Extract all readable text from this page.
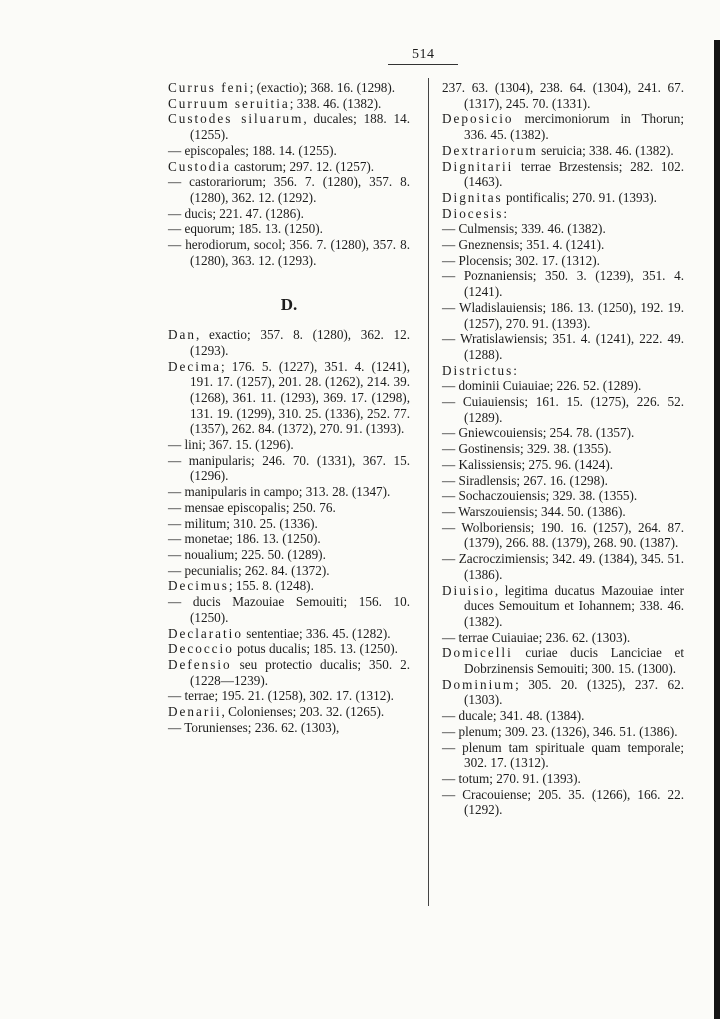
514

Currus feni; (exactio); 368. 16. (1298).

Curruum seruitia; 338. 46. (1382).

Custodes siluarum, ducales; 188. 14. (1255).

— episcopales; 188. 14. (1255).

Custodia castorum; 297. 12. (1257).

— castorariorum; 356. 7. (1280), 357. 8. (1280), 362. 12. (1292).

— ducis; 221. 47. (1286).

— equorum; 185. 13. (1250).

— herodiorum, socol; 356. 7. (1280), 357. 8. (1280), 363. 12. (1293).

D.

Dan, exactio; 357. 8. (1280), 362. 12. (1293).

Decima; 176. 5. (1227), 351. 4. (1241), 191. 17. (1257), 201. 28. (1262), 214. 39. (1268), 361. 11. (1293), 369. 17. (1298), 131. 19. (1299), 310. 25. (1336), 252. 77. (1357), 262. 84. (1372), 270. 91. (1393).

— lini; 367. 15. (1296).

— manipularis; 246. 70. (1331), 367. 15. (1296).

— manipularis in campo; 313. 28. (1347).

— mensae episcopalis; 250. 76.

— militum; 310. 25. (1336).

— monetae; 186. 13. (1250).

— noualium; 225. 50. (1289).

— pecunialis; 262. 84. (1372).

Decimus; 155. 8. (1248).

— ducis Mazouiae Semouiti; 156. 10. (1250).

Declaratio sententiae; 336. 45. (1282).

Decoccio potus ducalis; 185. 13. (1250).

Defensio seu protectio ducalis; 350. 2. (1228—1239).

— terrae; 195. 21. (1258), 302. 17. (1312).

Denarii, Colonienses; 203. 32. (1265).

— Torunienses; 236. 62. (1303),

237. 63. (1304), 238. 64. (1304), 241. 67. (1317), 245. 70. (1331).

Deposicio mercimoniorum in Thorun; 336. 45. (1382).

Dextrariorum seruicia; 338. 46. (1382).

Dignitarii terrae Brzestensis; 282. 102. (1463).

Dignitas pontificalis; 270. 91. (1393).

Diocesis:

— Culmensis; 339. 46. (1382).

— Gneznensis; 351. 4. (1241).

— Plocensis; 302. 17. (1312).

— Poznaniensis; 350. 3. (1239), 351. 4. (1241).

— Wladislauiensis; 186. 13. (1250), 192. 19. (1257), 270. 91. (1393).

— Wratislawiensis; 351. 4. (1241), 222. 49. (1288).

Districtus:

— dominii Cuiauiae; 226. 52. (1289).

— Cuiauiensis; 161. 15. (1275), 226. 52. (1289).

— Gniewcouiensis; 254. 78. (1357).

— Gostinensis; 329. 38. (1355).

— Kalissiensis; 275. 96. (1424).

— Siradlensis; 267. 16. (1298).

— Sochaczouiensis; 329. 38. (1355).

— Warszouiensis; 344. 50. (1386).

— Wolboriensis; 190. 16. (1257), 264. 87. (1379), 266. 88. (1379), 268. 90. (1387).

— Zacroczimiensis; 342. 49. (1384), 345. 51. (1386).

Diuisio, legitima ducatus Mazouiae inter duces Semouitum et Iohannem; 338. 46. (1382).

— terrae Cuiauiae; 236. 62. (1303).

Domicelli curiae ducis Lanciciae et Dobrzinensis Semouiti; 300. 15. (1300).

Dominium; 305. 20. (1325), 237. 62. (1303).

— ducale; 341. 48. (1384).

— plenum; 309. 23. (1326), 346. 51. (1386).

— plenum tam spirituale quam temporale; 302. 17. (1312).

— totum; 270. 91. (1393).

— Cracouiense; 205. 35. (1266), 166. 22. (1292).
